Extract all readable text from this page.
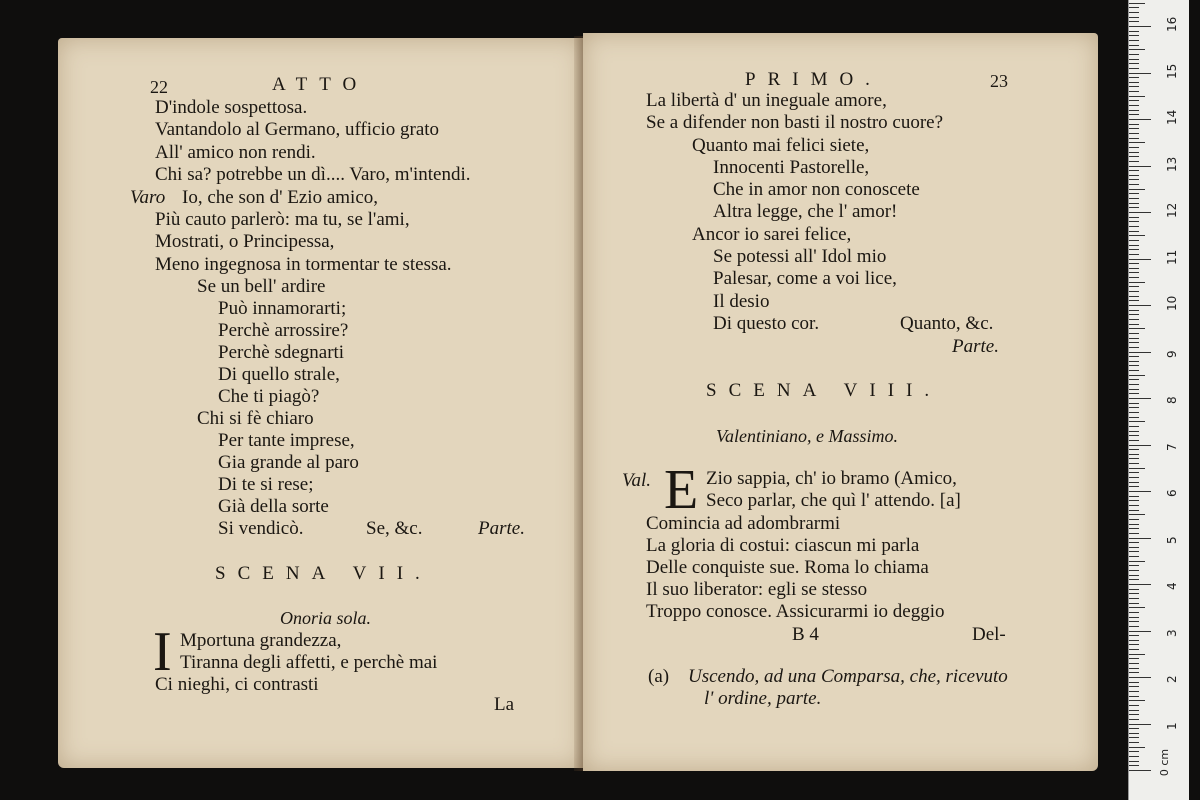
22	ATTO
D'indole sospettosa.
Vantandolo al Germano, ufficio grato
All' amico non rendi.
Chi sa? potrebbe un dì.... Varo, m'intendi.
Varo Io, che son d' Ezio amico,
Più cauto parlerò: ma tu, se l'ami,
Mostrati, o Principessa,
Meno ingegnosa in tormentar te stessa.
Se un bell' ardire
Può innamorarti;
Perchè arrossire?
Perchè sdegnarti
Di quello strale,
Che ti piagò?
Chi si fè chiaro
Per tante imprese,
Gia grande al paro
Di te si rese;
Già della sorte
Si vendicò.	Se, &c.	Parte.
SCENA VII.
Onoria sola.
I Mportuna grandezza,
Tiranna degli affetti, e perchè mai
Ci nieghi, ci contrasti
La
PRIMO.	23
La libertà d' un ineguale amore,
Se a difender non basti il nostro cuore?
Quanto mai felici siete,
Innocenti Pastorelle,
Che in amor non conoscete
Altra legge, che l' amor!
Ancor io sarei felice,
Se potessi all' Idol mio
Palesar, come a voi lice,
Il desio
Di questo cor.	Quanto, &c.
Parte.
SCENA VIII.
Valentiniano, e Massimo.
Val. E Zio sappia, ch' io bramo (Amico,
Seco parlar, che quì l' attendo. [a]
Comincia ad adombrarmi
La gloria di costui: ciascun mi parla
Delle conquiste sue. Roma lo chiama
Il suo liberator: egli se stesso
Troppo conosce. Assicurarmi io deggio
B 4	Del-
(a) Uscendo, ad una Comparsa, che, ricevuto
l' ordine, parte.
1
2
3
4
5
6
7
8
9
10
11
12
13
14
15
16
0 cm
